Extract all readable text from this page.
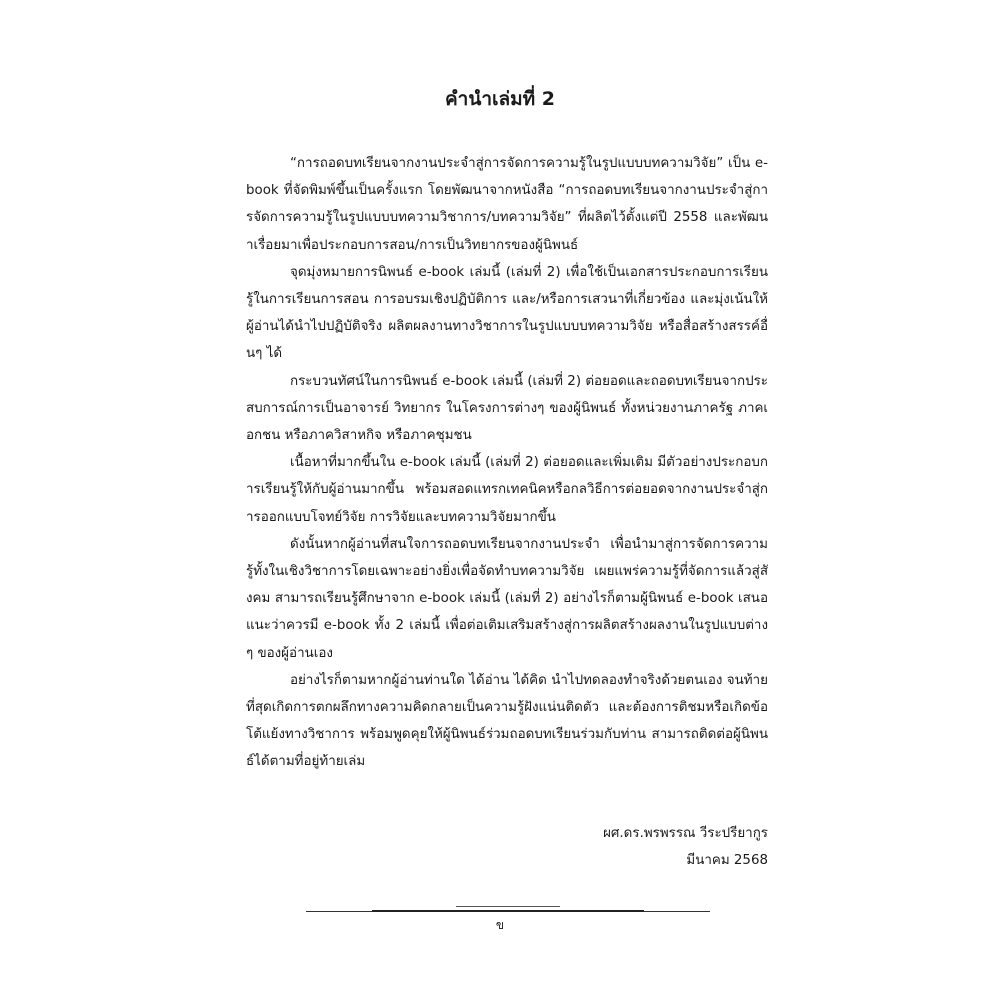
คำนำเล่มที่ 2

“การถอดบทเรียนจากงานประจำสู่การจัดการความรู้ในรูปแบบบทความวิจัย” เป็น e-book ที่จัดพิมพ์ขึ้นเป็นครั้งแรก โดยพัฒนาจากหนังสือ “การถอดบทเรียนจากงานประจำสู่การจัดการความรู้ในรูปแบบบทความวิชาการ/บทความวิจัย” ที่ผลิตไว้ตั้งแต่ปี 2558 และพัฒนาเรื่อยมาเพื่อประกอบการสอน/การเป็นวิทยากรของผู้นิพนธ์

จุดมุ่งหมายการนิพนธ์ e-book เล่มนี้ (เล่มที่ 2) เพื่อใช้เป็นเอกสารประกอบการเรียนรู้ในการเรียนการสอน การอบรมเชิงปฏิบัติการ และ/หรือการเสวนาที่เกี่ยวข้อง และมุ่งเน้นให้ผู้อ่านได้นำไปปฏิบัติจริง ผลิตผลงานทางวิชาการในรูปแบบบทความวิจัย หรือสื่อสร้างสรรค์อื่นๆ ได้

กระบวนทัศน์ในการนิพนธ์ e-book เล่มนี้ (เล่มที่ 2) ต่อยอดและถอดบทเรียนจากประสบการณ์การเป็นอาจารย์ วิทยากร ในโครงการต่างๆ ของผู้นิพนธ์ ทั้งหน่วยงานภาครัฐ ภาคเอกชน หรือภาควิสาหกิจ หรือภาคชุมชน

เนื้อหาที่มากขึ้นใน e-book เล่มนี้ (เล่มที่ 2) ต่อยอดและเพิ่มเติม มีตัวอย่างประกอบการเรียนรู้ให้กับผู้อ่านมากขึ้น พร้อมสอดแทรกเทคนิคหรือกลวิธีการต่อยอดจากงานประจำสู่การออกแบบโจทย์วิจัย การวิจัยและบทความวิจัยมากขึ้น

ดังนั้นหากผู้อ่านที่สนใจการถอดบทเรียนจากงานประจำ เพื่อนำมาสู่การจัดการความรู้ทั้งในเชิงวิชาการโดยเฉพาะอย่างยิ่งเพื่อจัดทำบทความวิจัย เผยแพร่ความรู้ที่จัดการแล้วสู่สังคม สามารถเรียนรู้ศึกษาจาก e-book เล่มนี้ (เล่มที่ 2) อย่างไรก็ตามผู้นิพนธ์ e-book เสนอแนะว่าควรมี e-book ทั้ง 2 เล่มนี้ เพื่อต่อเติมเสริมสร้างสู่การผลิตสร้างผลงานในรูปแบบต่างๆ ของผู้อ่านเอง

อย่างไรก็ตามหากผู้อ่านท่านใด ได้อ่าน ได้คิด นำไปทดลองทำจริงด้วยตนเอง จนท้ายที่สุดเกิดการตกผลึกทางความคิดกลายเป็นความรู้ฝังแน่นติดตัว และต้องการติชมหรือเกิดข้อโต้แย้งทางวิชาการ พร้อมพูดคุยให้ผู้นิพนธ์ร่วมถอดบทเรียนร่วมกับท่าน สามารถติดต่อผู้นิพนธ์ได้ตามที่อยู่ท้ายเล่ม

ผศ.ดร.พรพรรณ วีระปรียากูร
มีนาคม 2568
ข
